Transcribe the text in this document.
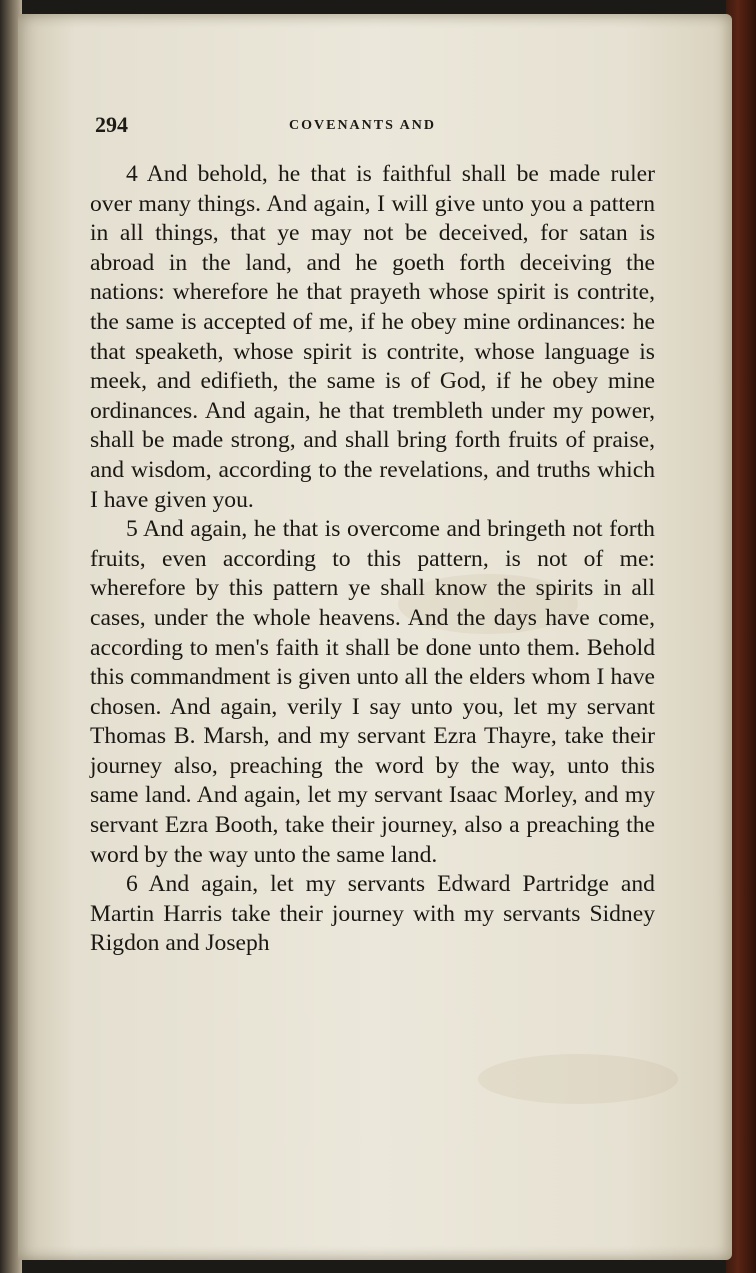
294	COVENANTS AND

4 And behold, he that is faithful shall be made ruler over many things. And again, I will give unto you a pattern in all things, that ye may not be deceived, for satan is abroad in the land, and he goeth forth deceiving the nations: wherefore he that prayeth whose spirit is contrite, the same is accepted of me, if he obey mine ordinances: he that speaketh, whose spirit is contrite, whose language is meek, and edifieth, the same is of God, if he obey mine ordinances. And again, he that trembleth under my power, shall be made strong, and shall bring forth fruits of praise, and wisdom, according to the revelations, and truths which I have given you.

5 And again, he that is overcome and bringeth not forth fruits, even according to this pattern, is not of me: wherefore by this pattern ye shall know the spirits in all cases, under the whole heavens. And the days have come, according to men's faith it shall be done unto them. Behold this commandment is given unto all the elders whom I have chosen. And again, verily I say unto you, let my servant Thomas B. Marsh, and my servant Ezra Thayre, take their journey also, preaching the word by the way, unto this same land. And again, let my servant Isaac Morley, and my servant Ezra Booth, take their journey, also a preaching the word by the way unto the same land.

6 And again, let my servants Edward Partridge and Martin Harris take their journey with my servants Sidney Rigdon and Joseph
